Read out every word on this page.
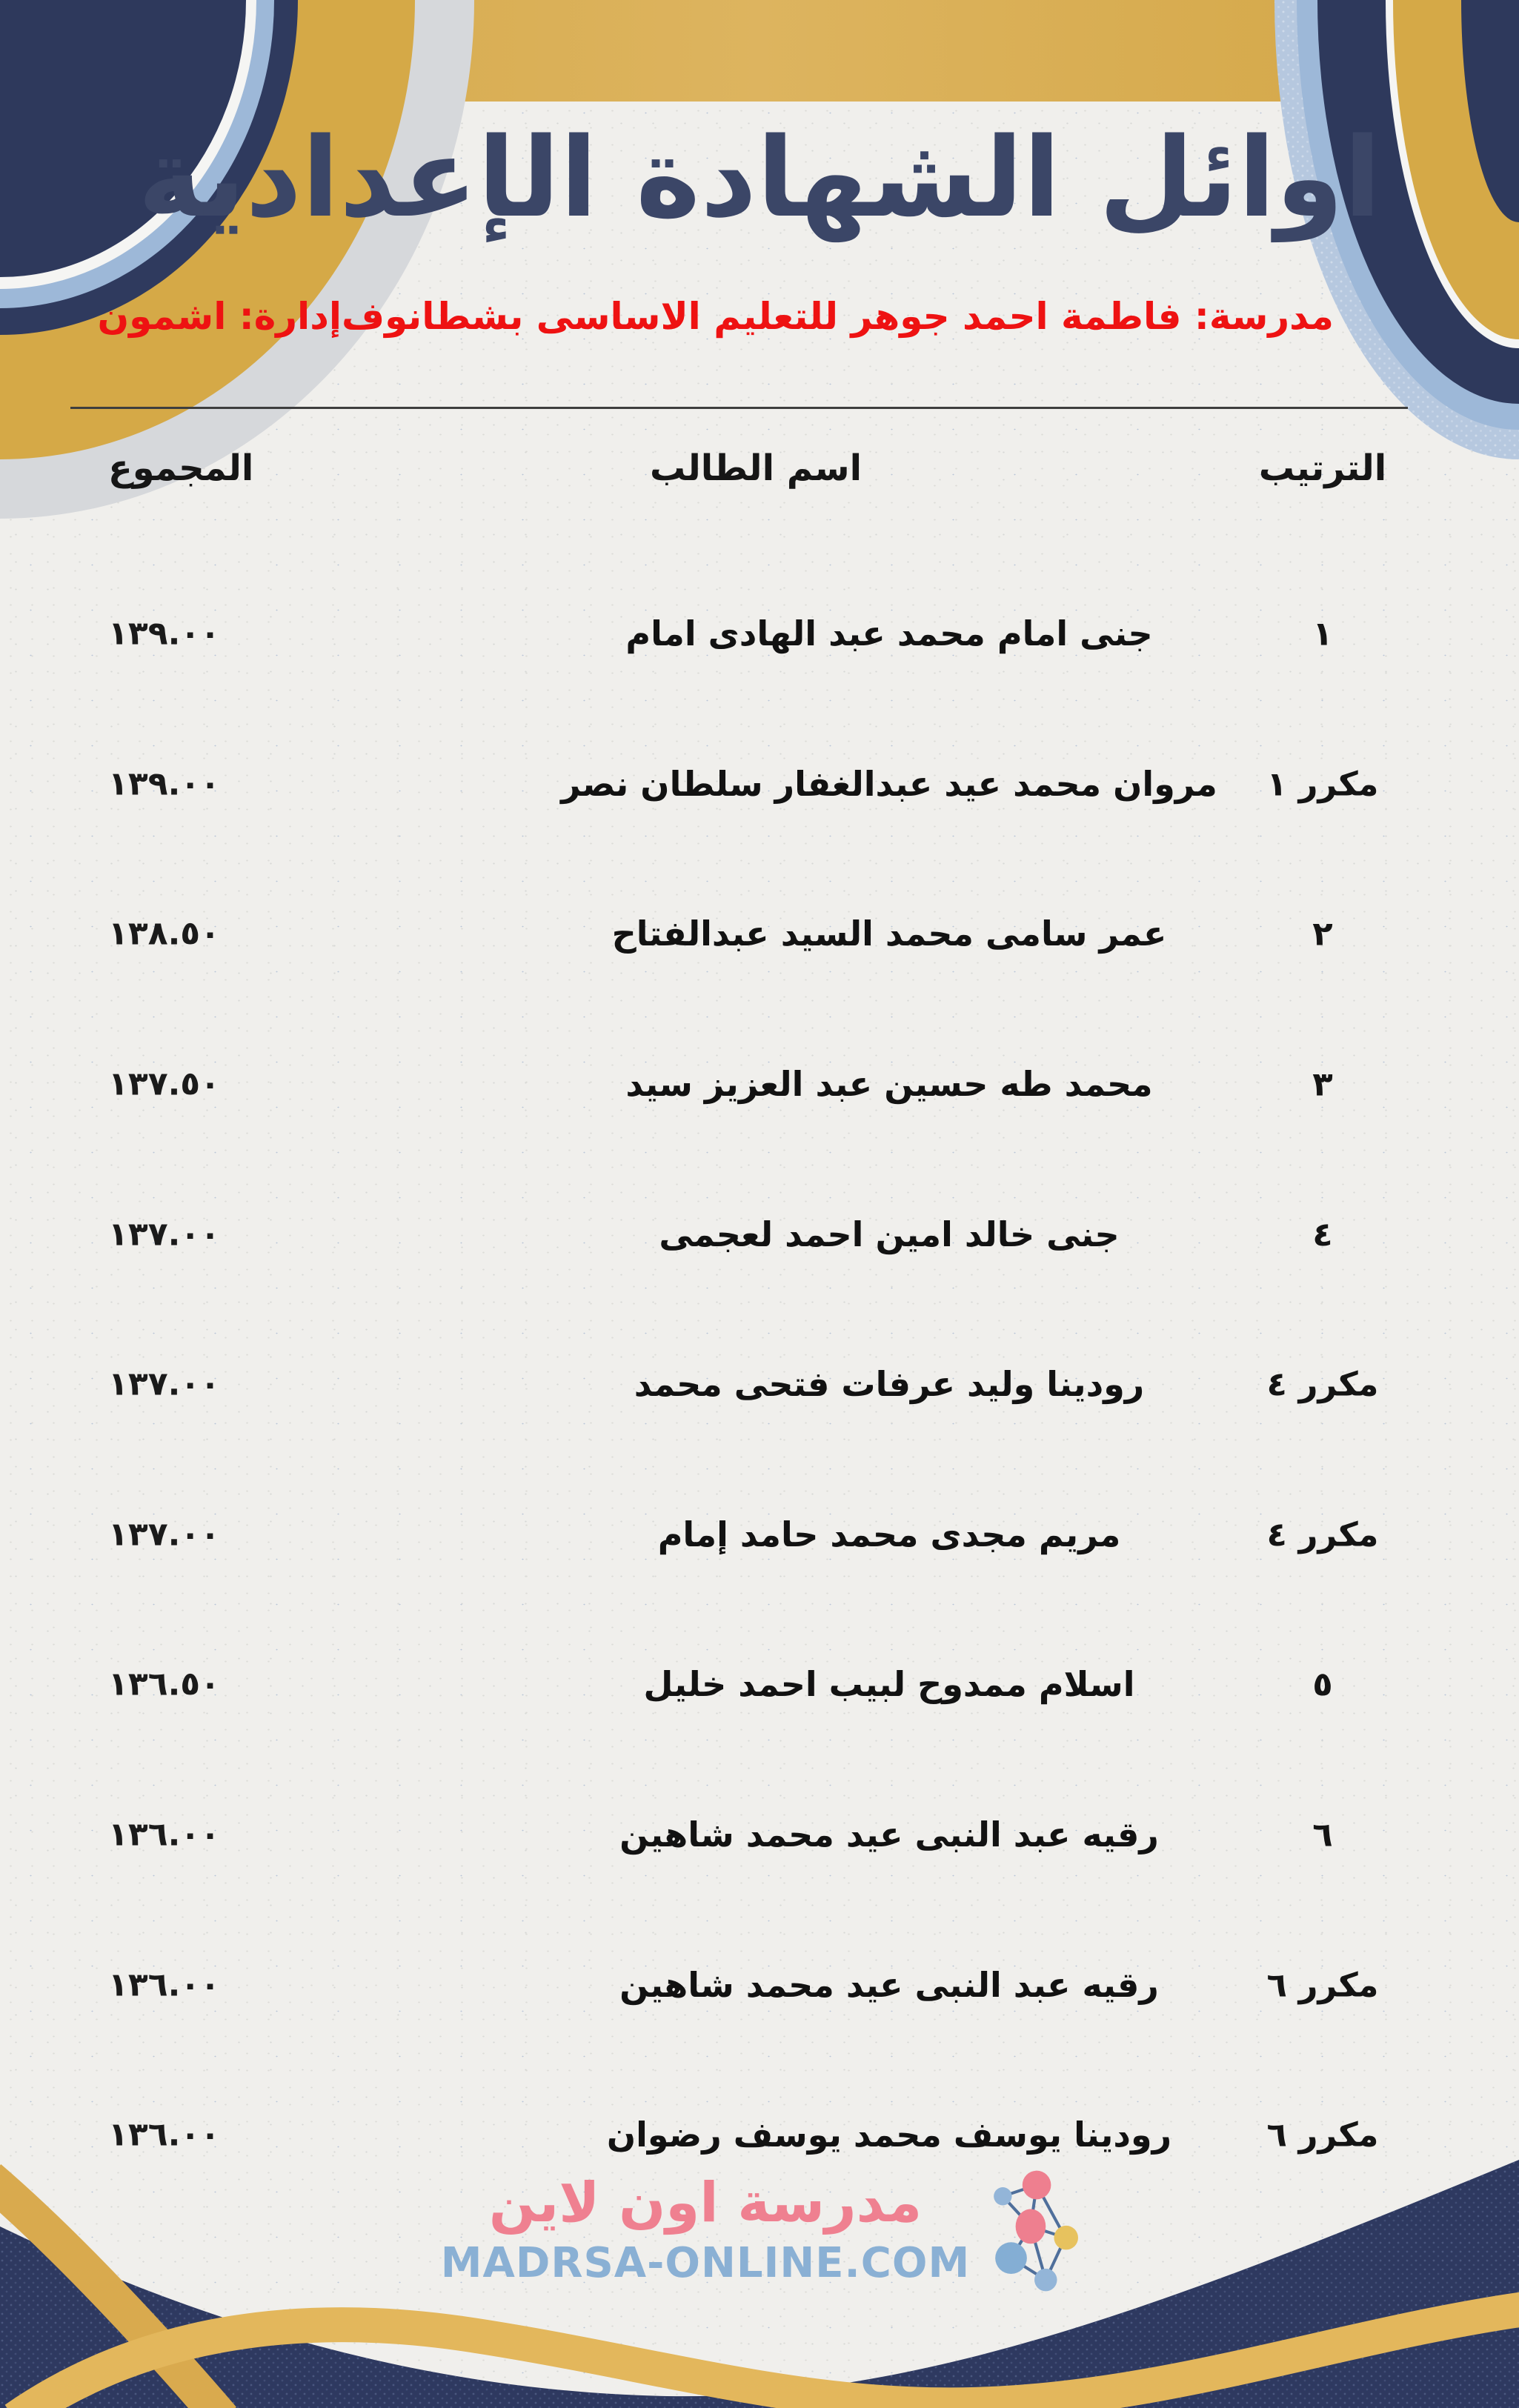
اوائل الشهادة الإعدادية
مدرسة: فاطمة احمد جوهر للتعليم الاساسى بشطانوف
إدارة: اشمون
الترتيب
اسم الطالب
المجموع
١
جنى امام محمد عبد الهادى امام
١٣٩.٠٠
مكرر ١
مروان محمد عيد عبدالغفار سلطان نصر
١٣٩.٠٠
٢
عمر سامى محمد السيد عبدالفتاح
١٣٨.٥٠
٣
محمد طه حسين عبد العزيز سيد
١٣٧.٥٠
٤
جنى خالد امين احمد لعجمى
١٣٧.٠٠
مكرر ٤
رودينا وليد عرفات فتحى محمد
١٣٧.٠٠
مكرر ٤
مريم مجدى محمد حامد إمام
١٣٧.٠٠
٥
اسلام ممدوح لبيب احمد خليل
١٣٦.٥٠
٦
رقيه عبد النبى عيد محمد شاهين
١٣٦.٠٠
مكرر ٦
رقيه عبد النبى عيد محمد شاهين
١٣٦.٠٠
مكرر ٦
رودينا يوسف محمد يوسف رضوان
١٣٦.٠٠
مدرسة اون لاين
MADRSA-ONLINE.COM
